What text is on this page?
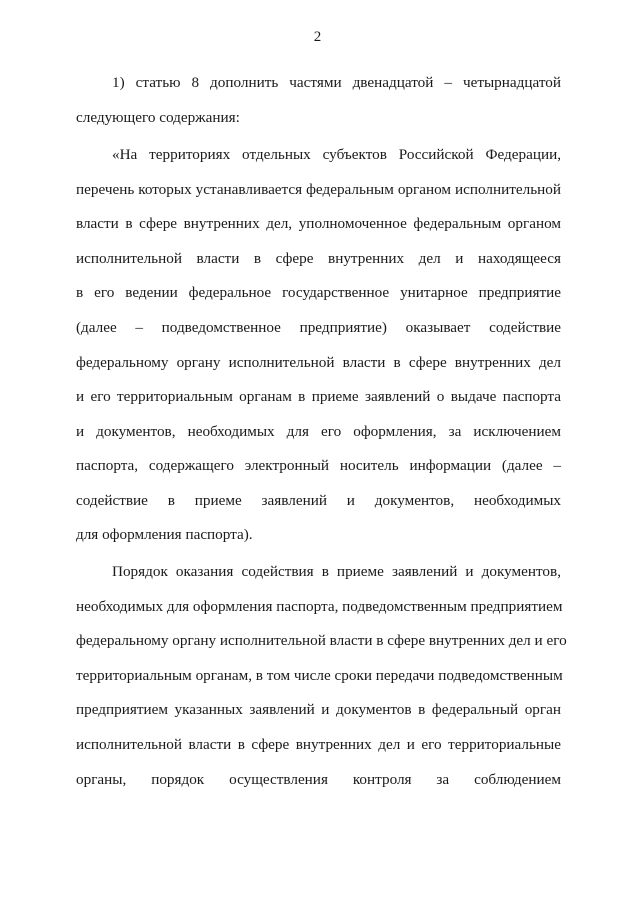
2
1) статью 8 дополнить частями двенадцатой – четырнадцатой
следующего содержания:
«На территориях отдельных субъектов Российской Федерации,
перечень которых устанавливается федеральным органом исполнительной
власти в сфере внутренних дел, уполномоченное федеральным органом
исполнительной власти в сфере внутренних дел и находящееся
в его ведении федеральное государственное унитарное предприятие
(далее – подведомственное предприятие) оказывает содействие
федеральному органу исполнительной власти в сфере внутренних дел
и его территориальным органам в приеме заявлений о выдаче паспорта
и документов, необходимых для его оформления, за исключением
паспорта, содержащего электронный носитель информации (далее –
содействие в приеме заявлений и документов, необходимых
для оформления паспорта).
Порядок оказания содействия в приеме заявлений и документов,
необходимых для оформления паспорта, подведомственным предприятием
федеральному органу исполнительной власти в сфере внутренних дел и его
территориальным органам, в том числе сроки передачи подведомственным
предприятием указанных заявлений и документов в федеральный орган
исполнительной власти в сфере внутренних дел и его территориальные
органы, порядок осуществления контроля за соблюдением
